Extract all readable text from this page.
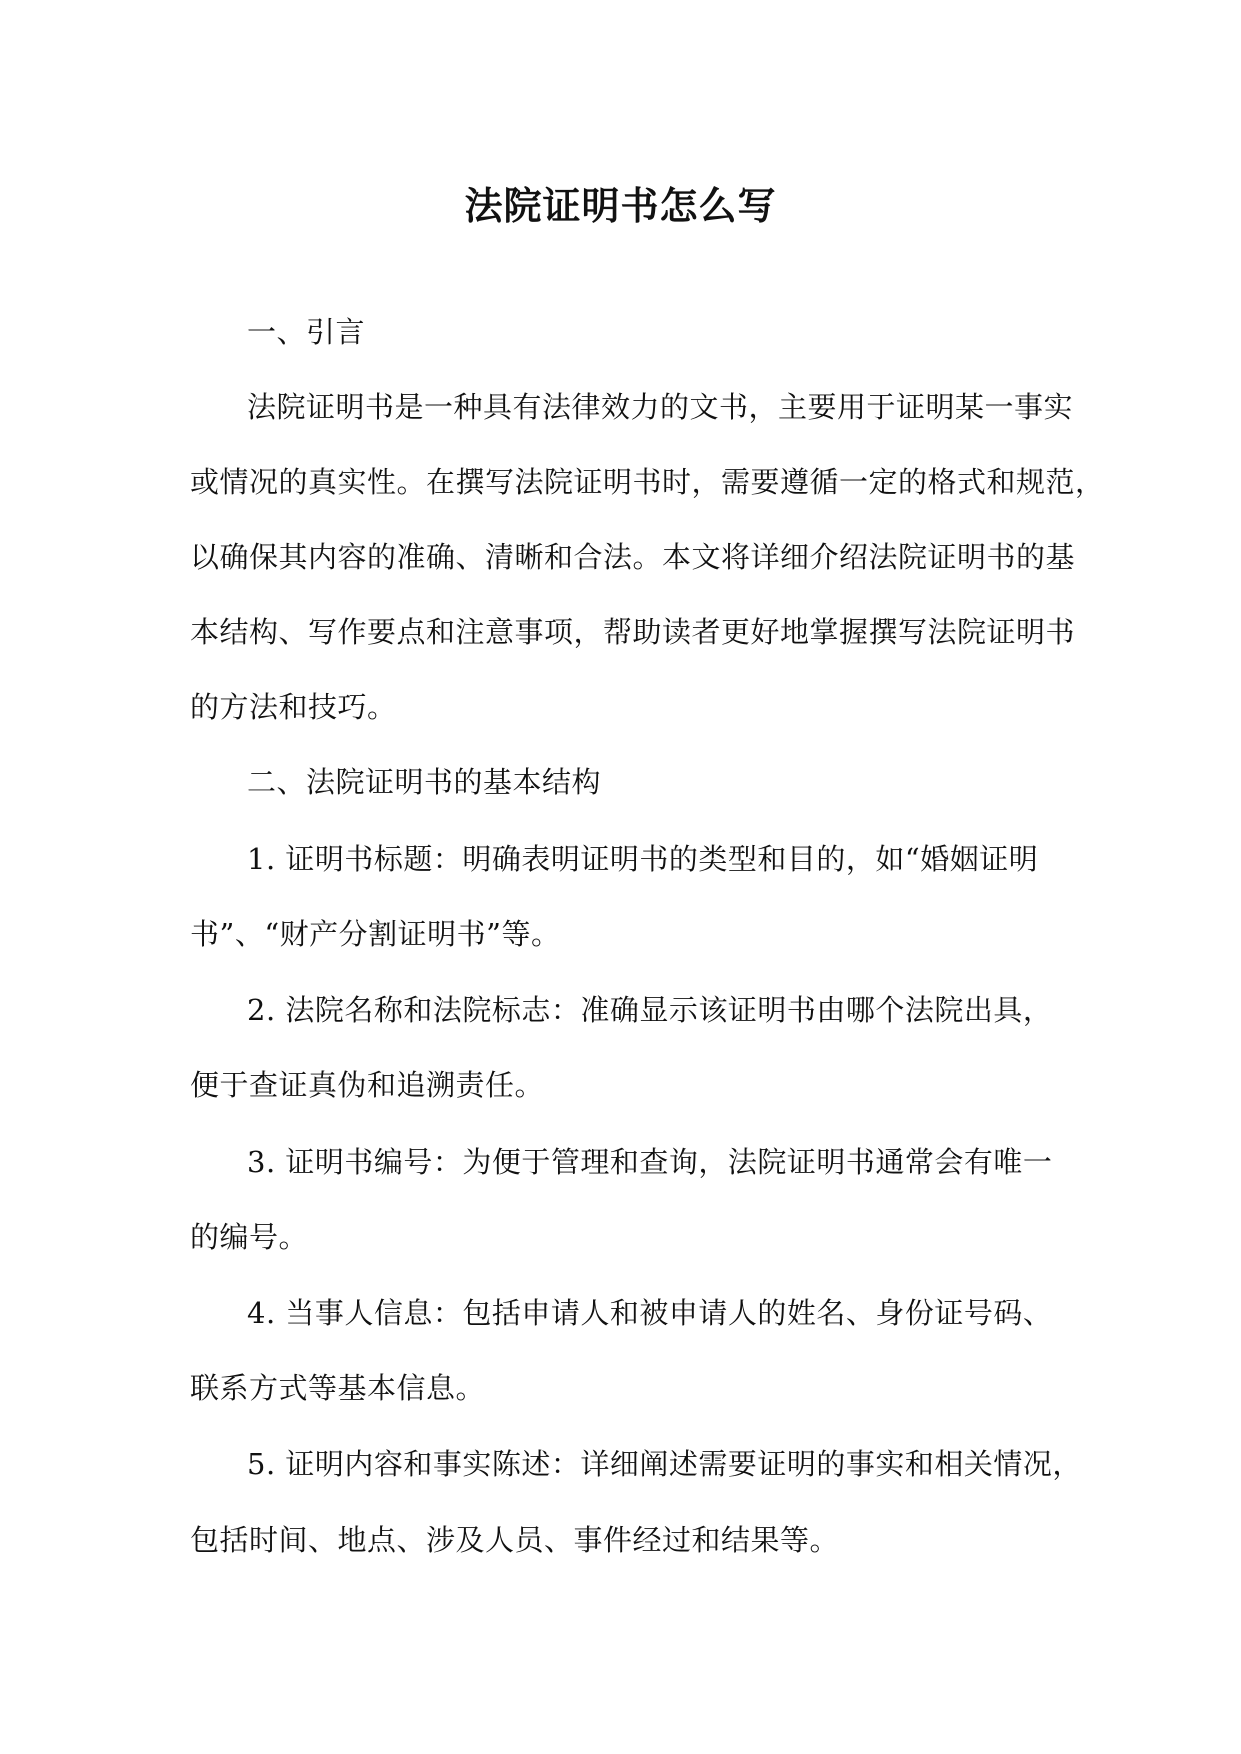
法院证明书怎么写
一、引言
法院证明书是一种具有法律效力的文书，主要用于证明某一事实
或情况的真实性。在撰写法院证明书时，需要遵循一定的格式和规范，
以确保其内容的准确、清晰和合法。本文将详细介绍法院证明书的基
本结构、写作要点和注意事项，帮助读者更好地掌握撰写法院证明书
的方法和技巧。
二、法院证明书的基本结构
1. 证明书标题：明确表明证明书的类型和目的，如“婚姻证明
书”、“财产分割证明书”等。
2. 法院名称和法院标志：准确显示该证明书由哪个法院出具，
便于查证真伪和追溯责任。
3. 证明书编号：为便于管理和查询，法院证明书通常会有唯一
的编号。
4. 当事人信息：包括申请人和被申请人的姓名、身份证号码、
联系方式等基本信息。
5. 证明内容和事实陈述：详细阐述需要证明的事实和相关情况，
包括时间、地点、涉及人员、事件经过和结果等。
